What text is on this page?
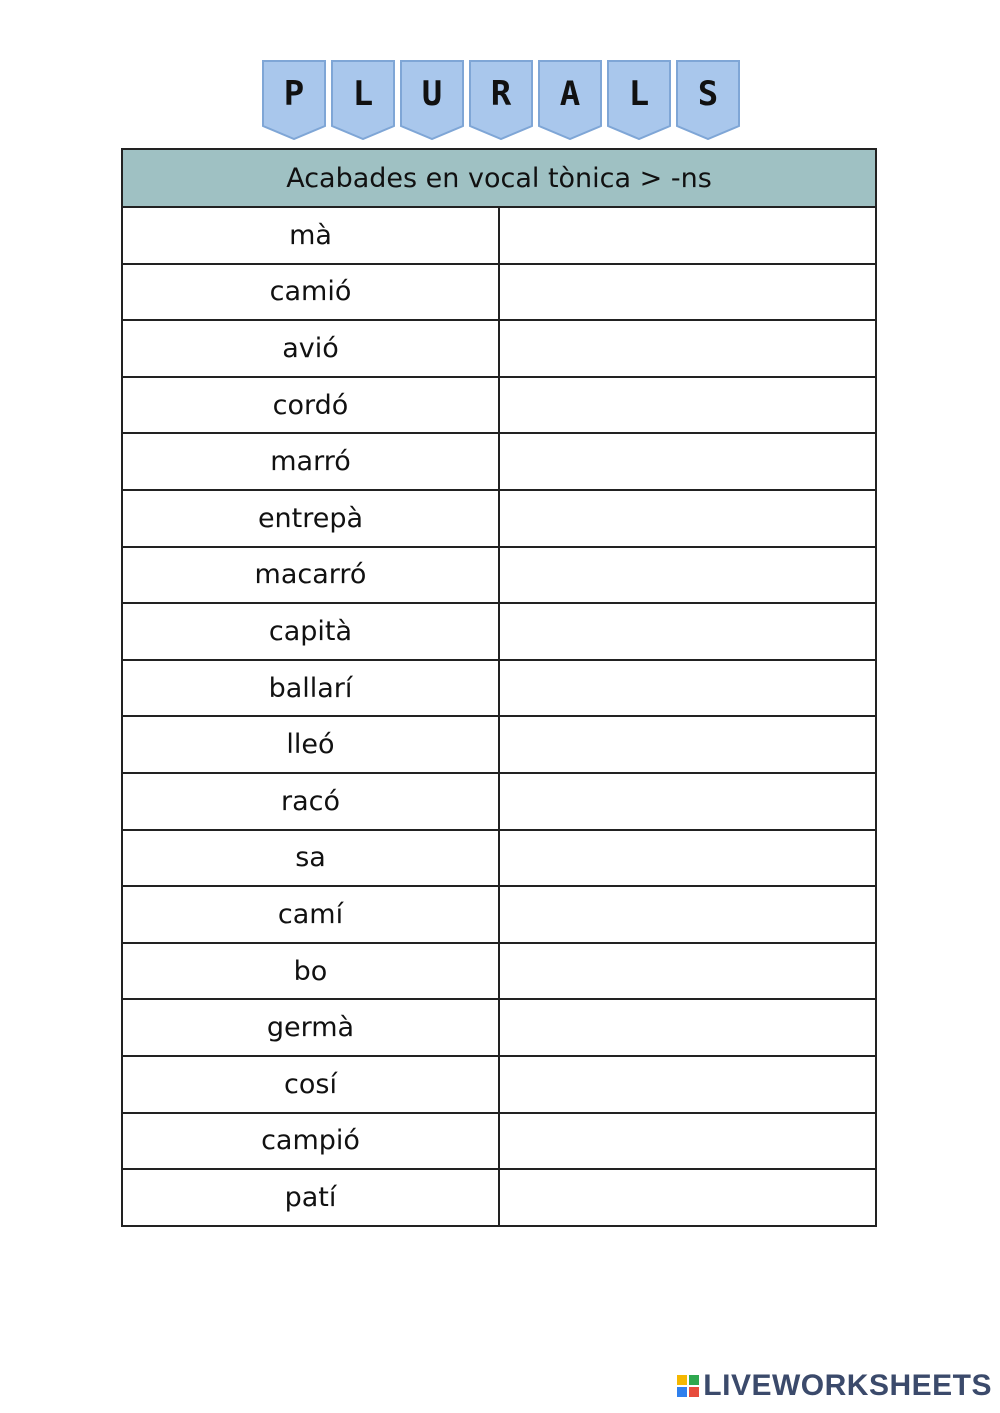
P	L	U	R	A	L	S
Acabades en vocal tònica > -ns	
mà	
camió	
avió	
cordó	
marró	
entrepà	
macarró	
capità	
ballarí	
lleó	
racó	
sa	
camí	
bo	
germà	
cosí	
campió	
patí	
LIVEWORKSHEETS
